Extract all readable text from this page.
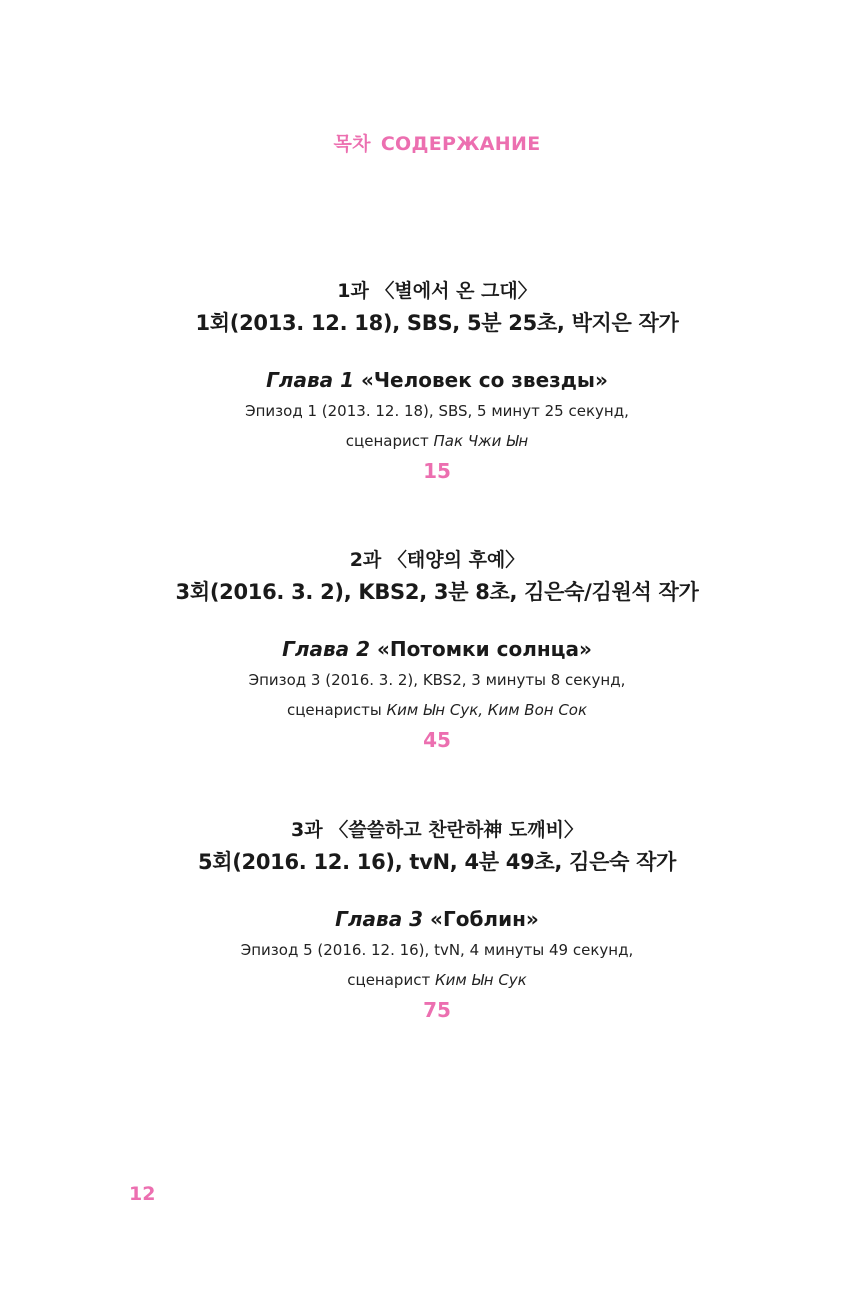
목차 СОДЕРЖАНИЕ
1과 〈별에서 온 그대〉
1회(2013. 12. 18), SBS, 5분 25초, 박지은 작가
Глава 1 «Человек со звезды»
Эпизод 1 (2013. 12. 18), SBS, 5 минут 25 секунд,
сценарист Пак Чжи Ын
15
2과 〈태양의 후예〉
3회(2016. 3. 2), KBS2, 3분 8초, 김은숙/김원석 작가
Глава 2 «Потомки солнца»
Эпизод 3 (2016. 3. 2), KBS2, 3 минуты 8 секунд,
сценаристы Ким Ын Сук, Ким Вон Сок
45
3과 〈쓸쓸하고 찬란하神 도깨비〉
5회(2016. 12. 16), tvN, 4분 49초, 김은숙 작가
Глава 3 «Гоблин»
Эпизод 5 (2016. 12. 16), tvN, 4 минуты 49 секунд,
сценарист Ким Ын Сук
75
12
